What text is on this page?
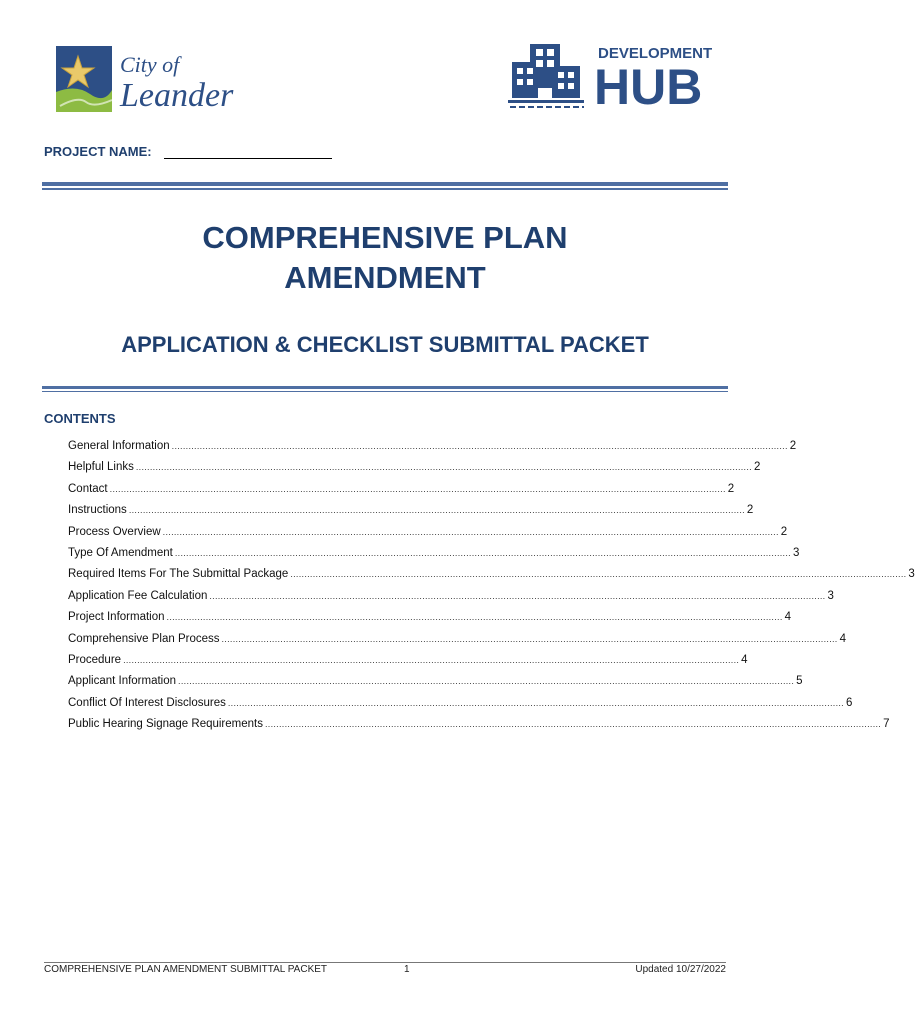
City of
Leander
DEVELOPMENT
HUB
PROJECT NAME:
COMPREHENSIVE PLAN
AMENDMENT
APPLICATION & CHECKLIST SUBMITTAL PACKET
CONTENTS
General Information ............................................................................................................................................................................................................................ 2
Helpful Links ............................................................................................................................................................................................................................ 2
Contact ............................................................................................................................................................................................................................ 2
Instructions ............................................................................................................................................................................................................................ 2
Process Overview ............................................................................................................................................................................................................................ 2
Type Of Amendment ............................................................................................................................................................................................................................ 3
Required Items For The Submittal Package ............................................................................................................................................................................................................................ 3
Application Fee Calculation ............................................................................................................................................................................................................................ 3
Project Information ............................................................................................................................................................................................................................ 4
Comprehensive Plan Process ............................................................................................................................................................................................................................ 4
Procedure ............................................................................................................................................................................................................................ 4
Applicant Information ............................................................................................................................................................................................................................ 5
Conflict Of Interest Disclosures ............................................................................................................................................................................................................................ 6
Public Hearing Signage Requirements ............................................................................................................................................................................................................................ 7
COMPREHENSIVE PLAN AMENDMENT SUBMITTAL PACKET	1	Updated 10/27/2022
